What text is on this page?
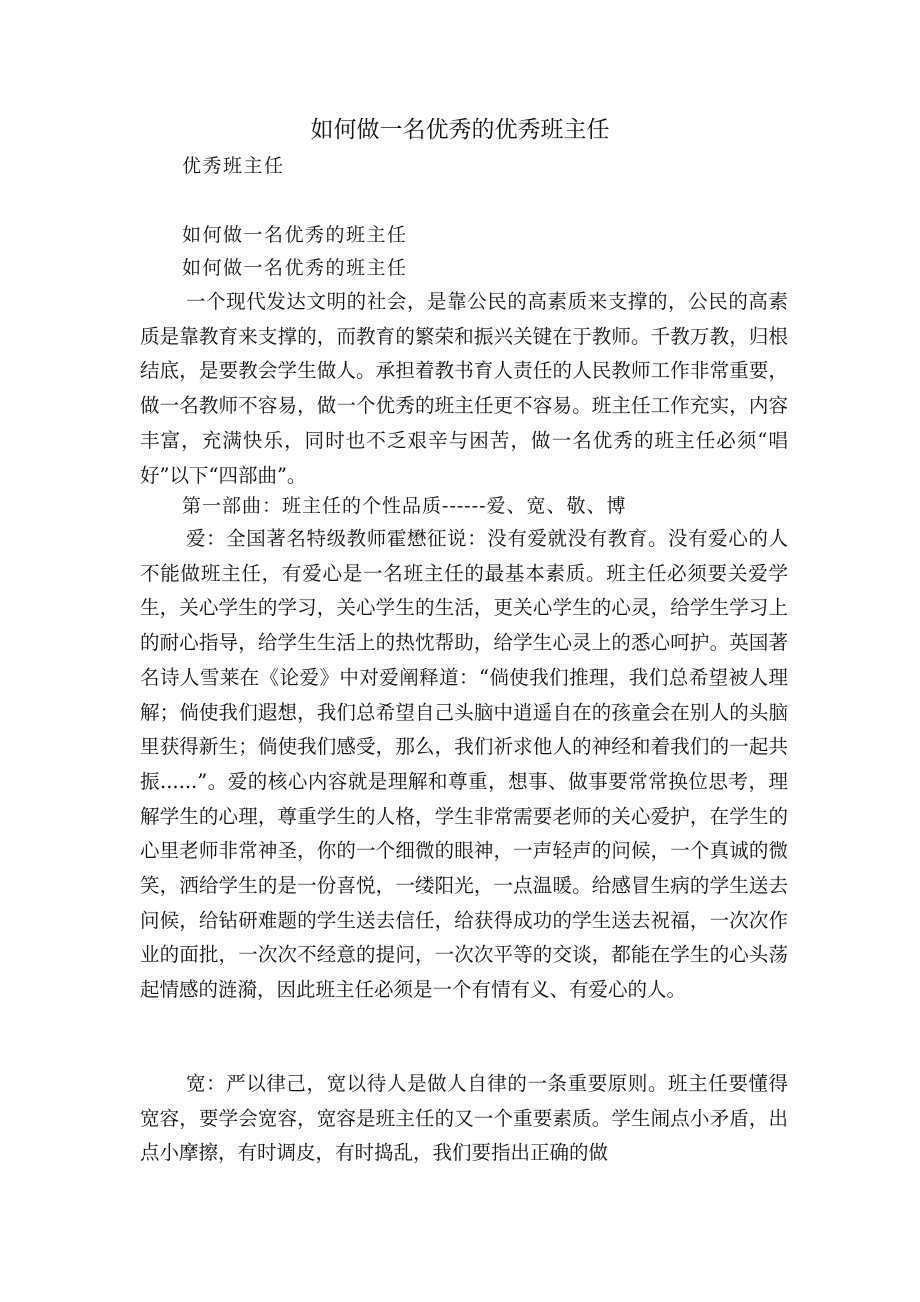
如何做一名优秀的优秀班主任
优秀班主任
如何做一名优秀的班主任
如何做一名优秀的班主任

一个现代发达文明的社会，是靠公民的高素质来支撑的，公民的高素质是靠教育来支撑的，而教育的繁荣和振兴关键在于教师。千教万教，归根结底，是要教会学生做人。承担着教书育人责任的人民教师工作非常重要，做一名教师不容易，做一个优秀的班主任更不容易。班主任工作充实，内容丰富，充满快乐，同时也不乏艰辛与困苦，做一名优秀的班主任必须“唱好”以下“四部曲”。

第一部曲：班主任的个性品质------爱、宽、敬、博

爱：全国著名特级教师霍懋征说：没有爱就没有教育。没有爱心的人不能做班主任，有爱心是一名班主任的最基本素质。班主任必须要关爱学生，关心学生的学习，关心学生的生活，更关心学生的心灵，给学生学习上的耐心指导，给学生生活上的热忱帮助，给学生心灵上的悉心呵护。英国著名诗人雪莱在《论爱》中对爱阐释道：“倘使我们推理，我们总希望被人理解；倘使我们遐想，我们总希望自己头脑中逍遥自在的孩童会在别人的头脑里获得新生；倘使我们感受，那么，我们祈求他人的神经和着我们的一起共振......”。爱的核心内容就是理解和尊重，想事、做事要常常换位思考，理解学生的心理，尊重学生的人格，学生非常需要老师的关心爱护，在学生的心里老师非常神圣，你的一个细微的眼神，一声轻声的问候，一个真诚的微笑，洒给学生的是一份喜悦，一缕阳光，一点温暖。给感冒生病的学生送去问候，给钻研难题的学生送去信任，给获得成功的学生送去祝福，一次次作业的面批，一次次不经意的提问，一次次平等的交谈，都能在学生的心头荡起情感的涟漪，因此班主任必须是一个有情有义、有爱心的人。

宽：严以律己，宽以待人是做人自律的一条重要原则。班主任要懂得宽容，要学会宽容，宽容是班主任的又一个重要素质。学生闹点小矛盾，出点小摩擦，有时调皮，有时捣乱，我们要指出正确的做
